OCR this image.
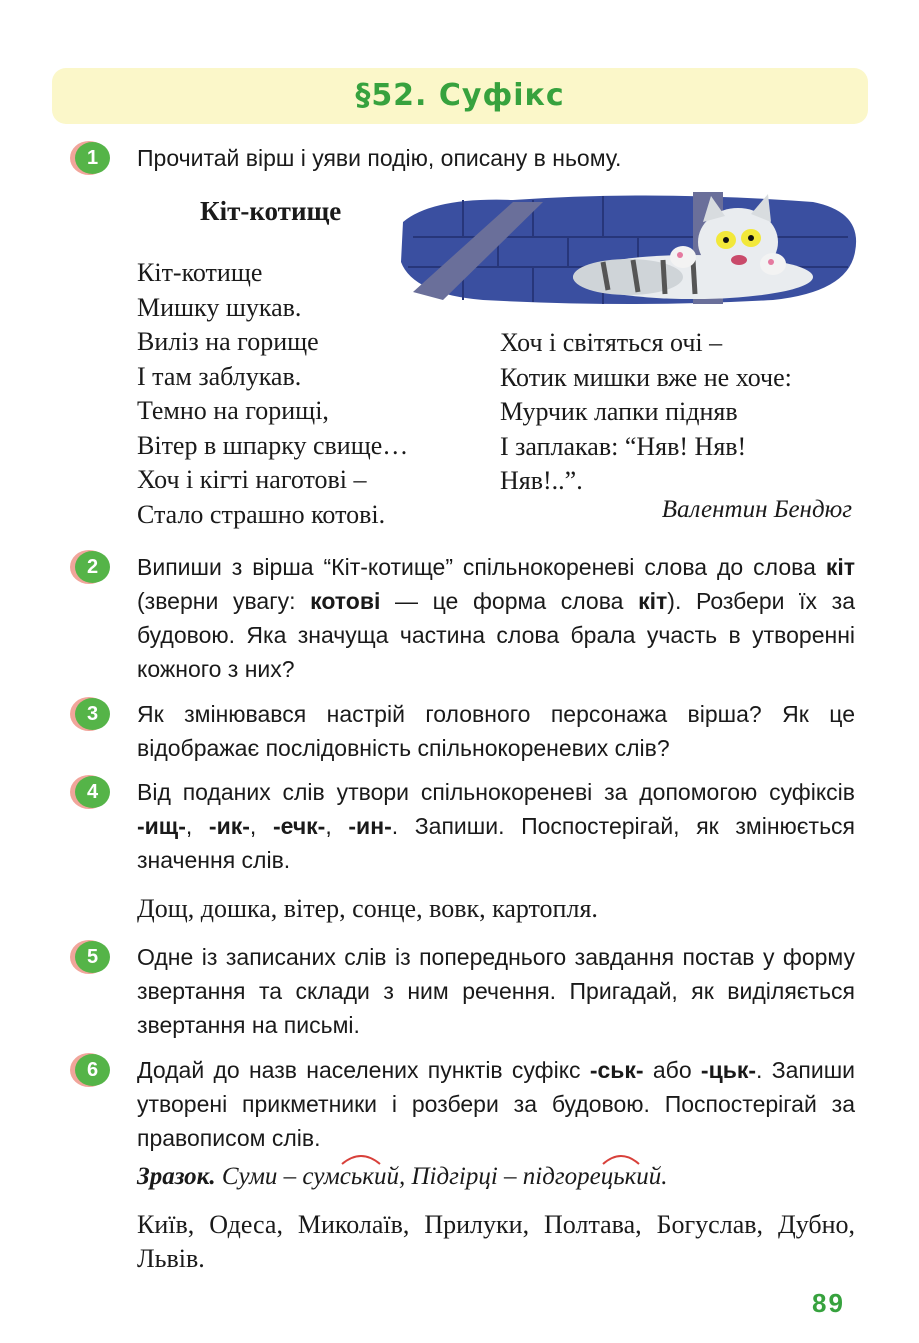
§52. Суфікс
1	Прочитай вірш і уяви подію, описану в ньому.
Кіт-котище
Кіт-котище
Мишку шукав.
Виліз на горище
І там заблукав.
Темно на горищі,
Вітер в шпарку свище…
Хоч і кігті наготові –
Стало страшно котові.
Хоч і світяться очі –
Котик мишки вже не хоче:
Мурчик лапки підняв
І заплакав: “Няв! Няв!
Няв!..”.
Валентин Бендюг
2	Випиши з вірша “Кіт-котище” спільнокореневі слова до слова кіт (зверни увагу: котові — це форма слова кіт). Розбери їх за будовою. Яка значуща частина слова брала участь в утворенні кожного з них?
3	Як змінювався настрій головного персонажа вірша? Як це відображає послідовність спільнокореневих слів?
4	Від поданих слів утвори спільнокореневі за допомогою суфіксів -ищ-, -ик-, -ечк-, -ин-. Запиши. Поспостерігай, як змінюється значення слів.
Дощ, дошка, вітер, сонце, вовк, картопля.
5	Одне із записаних слів із попереднього завдання постав у форму звертання та склади з ним речення. Пригадай, як виділяється звертання на письмі.
6	Додай до назв населених пунктів суфікс -ськ- або -цьк-. Запиши утворені прикметники і розбери за будовою. Поспостерігай за правописом слів.
Зразок. Суми – сум
ський, Підгірці – підгоре
цький.
Київ, Одеса, Миколаїв, Прилуки, Полтава, Богуслав, Дубно, Львів.
89
